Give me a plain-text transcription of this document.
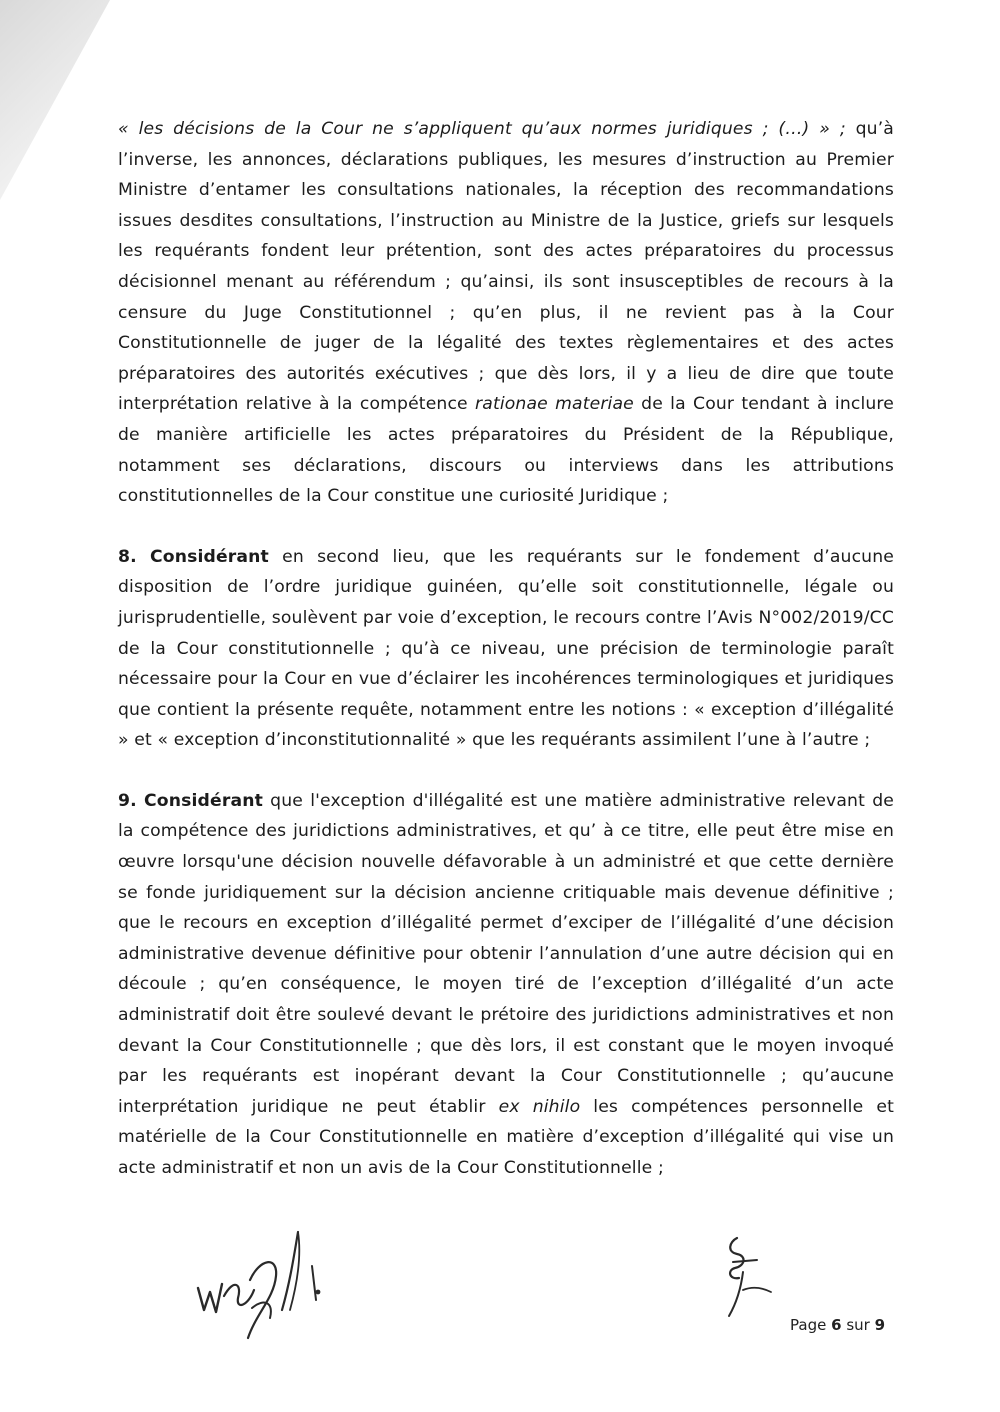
« les décisions de la Cour ne s’appliquent qu’aux normes juridiques ; (…) » ; qu’à l’inverse, les annonces, déclarations publiques, les mesures d’instruction au Premier Ministre d’entamer les consultations nationales, la réception des recommandations issues desdites consultations, l’instruction au Ministre de la Justice, griefs sur lesquels les requérants fondent leur prétention, sont des actes préparatoires du processus décisionnel menant au référendum ; qu’ainsi, ils sont insusceptibles de recours à la censure du Juge Constitutionnel ; qu’en plus, il ne revient pas à la Cour Constitutionnelle de juger de la légalité des textes règlementaires et des actes préparatoires des autorités exécutives ; que dès lors, il y a lieu de dire que toute interprétation relative à la compétence rationae materiae de la Cour tendant à inclure de manière artificielle les actes préparatoires du Président de la République, notamment ses déclarations, discours ou interviews dans les attributions constitutionnelles de la Cour constitue une curiosité Juridique ;

8. Considérant en second lieu, que les requérants sur le fondement d’aucune disposition de l’ordre juridique guinéen, qu’elle soit constitutionnelle, légale ou jurisprudentielle, soulèvent par voie d’exception, le recours contre l’Avis N°002/2019/CC de la Cour constitutionnelle ; qu’à ce niveau, une précision de terminologie paraît nécessaire pour la Cour en vue d’éclairer les incohérences terminologiques et juridiques que contient la présente requête, notamment entre les notions : « exception d’illégalité » et « exception d’inconstitutionnalité » que les requérants assimilent l’une à l’autre ;

9. Considérant que l'exception d'illégalité est une matière administrative relevant de la compétence des juridictions administratives, et qu’ à ce titre, elle peut être mise en œuvre lorsqu'une décision nouvelle défavorable à un administré et que cette dernière se fonde juridiquement sur la décision ancienne critiquable mais devenue définitive ; que le recours en exception d’illégalité permet d’exciper de l’illégalité d’une décision administrative devenue définitive pour obtenir l’annulation d’une autre décision qui en découle ; qu’en conséquence, le moyen tiré de l’exception d’illégalité d’un acte administratif doit être soulevé devant le prétoire des juridictions administratives et non devant la Cour Constitutionnelle ; que dès lors, il est constant que le moyen invoqué par les requérants est inopérant devant la Cour Constitutionnelle ; qu’aucune interprétation juridique ne peut établir ex nihilo les compétences personnelle et matérielle de la Cour Constitutionnelle en matière d’exception d’illégalité qui vise un acte administratif et non un avis de la Cour Constitutionnelle ;

Page 6 sur 9
